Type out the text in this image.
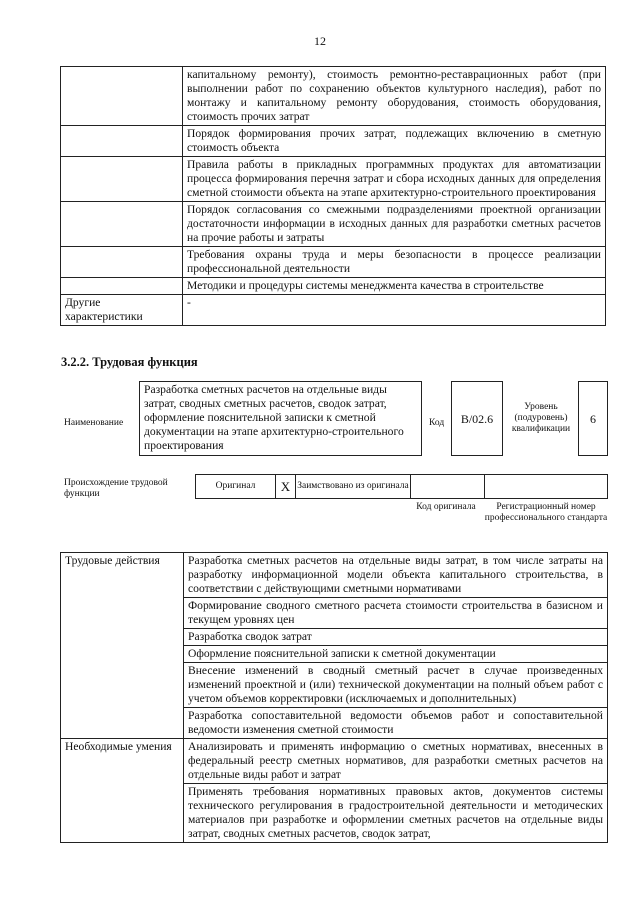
12
	капитальному ремонту), стоимость ремонтно-реставрационных работ (при выполнении работ по сохранению объектов культурного наследия), работ по монтажу и капитальному ремонту оборудования, стоимость оборудования, стоимость прочих затрат
	Порядок формирования прочих затрат, подлежащих включению в сметную стоимость объекта
	Правила работы в прикладных программных продуктах для автоматизации процесса формирования перечня затрат и сбора исходных данных для определения сметной стоимости объекта на этапе архитектурно-строительного проектирования
	Порядок согласования со смежными подразделениями проектной организации достаточности информации в исходных данных для разработки сметных расчетов на прочие работы и затраты
	Требования охраны труда и меры безопасности в процессе реализации профессиональной деятельности
	Методики и процедуры системы менеджмента качества в строительстве
Другие характеристики	-
3.2.2. Трудовая функция
Наименование
Разработка сметных расчетов на отдельные виды затрат, сводных сметных расчетов, сводок затрат, оформление пояснительной записки к сметной документации на этапе архитектурно-строительного проектирования
Код	B/02.6
Уровень (подуровень) квалификации
6
Происхождение трудовой функции
Оригинал	X	Заимствовано из оригинала		
Код оригинала	Регистрационный номер профессионального стандарта
Трудовые действия	Разработка сметных расчетов на отдельные виды затрат, в том числе затраты на разработку информационной модели объекта капитального строительства, в соответствии с действующими сметными нормативами
	Формирование сводного сметного расчета стоимости строительства в базисном и текущем уровнях цен
	Разработка сводок затрат
	Оформление пояснительной записки к сметной документации
	Внесение изменений в сводный сметный расчет в случае произведенных изменений проектной и (или) технической документации на полный объем работ с учетом объемов корректировки (исключаемых и дополнительных)
	Разработка сопоставительной ведомости объемов работ и сопоставительной ведомости изменения сметной стоимости
Необходимые умения	Анализировать и применять информацию о сметных нормативах, внесенных в федеральный реестр сметных нормативов, для разработки сметных расчетов на отдельные виды работ и затрат
	Применять требования нормативных правовых актов, документов системы технического регулирования в градостроительной деятельности и методических материалов при разработке и оформлении сметных расчетов на отдельные виды затрат, сводных сметных расчетов, сводок затрат,
